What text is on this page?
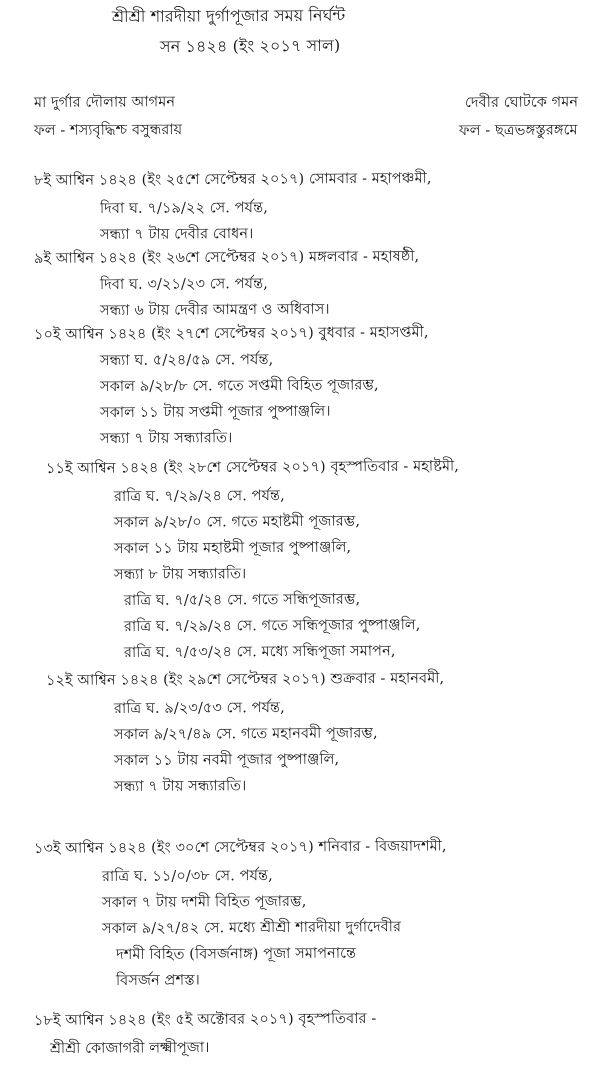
শ্রীশ্রী শারদীয়া দুর্গাপূজার সময় নির্ঘন্ট
সন ১৪২৪ (ইং ২০১৭ সাল)
মা দুর্গার দৌলায় আগমন
ফল - শস্যবৃদ্ধিশ্চ বসুন্ধরায়
দেবীর ঘোটকে গমন
ফল - ছত্রভঙ্গস্তুরঙ্গমে
৮ই আশ্বিন ১৪২৪ (ইং ২৫শে সেপ্টেম্বর ২০১৭) সোমবার - মহাপঞ্চমী,
দিবা ঘ. ৭/১৯/২২ সে. পর্যন্ত,
সন্ধ্যা ৭ টায় দেবীর বোধন।
৯ই আশ্বিন ১৪২৪ (ইং ২৬শে সেপ্টেম্বর ২০১৭) মঙ্গলবার - মহাষষ্ঠী,
দিবা ঘ. ৩/২১/২৩ সে. পর্যন্ত,
সন্ধ্যা ৬ টায় দেবীর আমন্ত্রণ ও অধিবাস।
১০ই আশ্বিন ১৪২৪ (ইং ২৭শে সেপ্টেম্বর ২০১৭) বুধবার - মহাসপ্তমী,
সন্ধ্যা ঘ. ৫/২৪/৫৯ সে. পর্যন্ত,
সকাল ৯/২৮/৮ সে. গতে সপ্তমী বিহিত পূজারম্ভ,
সকাল ১১ টায় সপ্তমী পূজার পুষ্পাঞ্জলি।
সন্ধ্যা ৭ টায় সন্ধ্যারতি।
১১ই আশ্বিন ১৪২৪ (ইং ২৮শে সেপ্টেম্বর ২০১৭) বৃহস্পতিবার - মহাষ্টমী,
রাত্রি ঘ. ৭/২৯/২৪ সে. পর্যন্ত,
সকাল ৯/২৮/০ সে. গতে মহাষ্টমী পূজারম্ভ,
সকাল ১১ টায় মহাষ্টমী পূজার পুষ্পাঞ্জলি,
সন্ধ্যা ৮ টায় সন্ধ্যারতি।
রাত্রি ঘ. ৭/৫/২৪ সে. গতে সন্ধিপূজারম্ভ,
রাত্রি ঘ. ৭/২৯/২৪ সে. গতে সন্ধিপূজার পুষ্পাঞ্জলি,
রাত্রি ঘ. ৭/৫৩/২৪ সে. মধ্যে সন্ধিপূজা সমাপন,
১২ই আশ্বিন ১৪২৪ (ইং ২৯শে সেপ্টেম্বর ২০১৭) শুক্রবার - মহানবমী,
রাত্রি ঘ. ৯/২৩/৫৩ সে. পর্যন্ত,
সকাল ৯/২৭/৪৯ সে. গতে মহানবমী পূজারম্ভ,
সকাল ১১ টায় নবমী পূজার পুষ্পাঞ্জলি,
সন্ধ্যা ৭ টায় সন্ধ্যারতি।
১৩ই আশ্বিন ১৪২৪ (ইং ৩০শে সেপ্টেম্বর ২০১৭) শনিবার - বিজয়াদশমী,
রাত্রি ঘ. ১১/০/৩৮ সে. পর্যন্ত,
সকাল ৭ টায় দশমী বিহিত পূজারম্ভ,
সকাল ৯/২৭/৪২ সে. মধ্যে শ্রীশ্রী শারদীয়া দুর্গাদেবীর
দশমী বিহিত (বিসর্জনাঙ্গ) পূজা সমাপনান্তে
বিসর্জন প্রশস্ত।
১৮ই আশ্বিন ১৪২৪ (ইং ৫ই অক্টোবর ২০১৭) বৃহস্পতিবার -
শ্রীশ্রী কোজাগরী লক্ষ্মীপূজা।
